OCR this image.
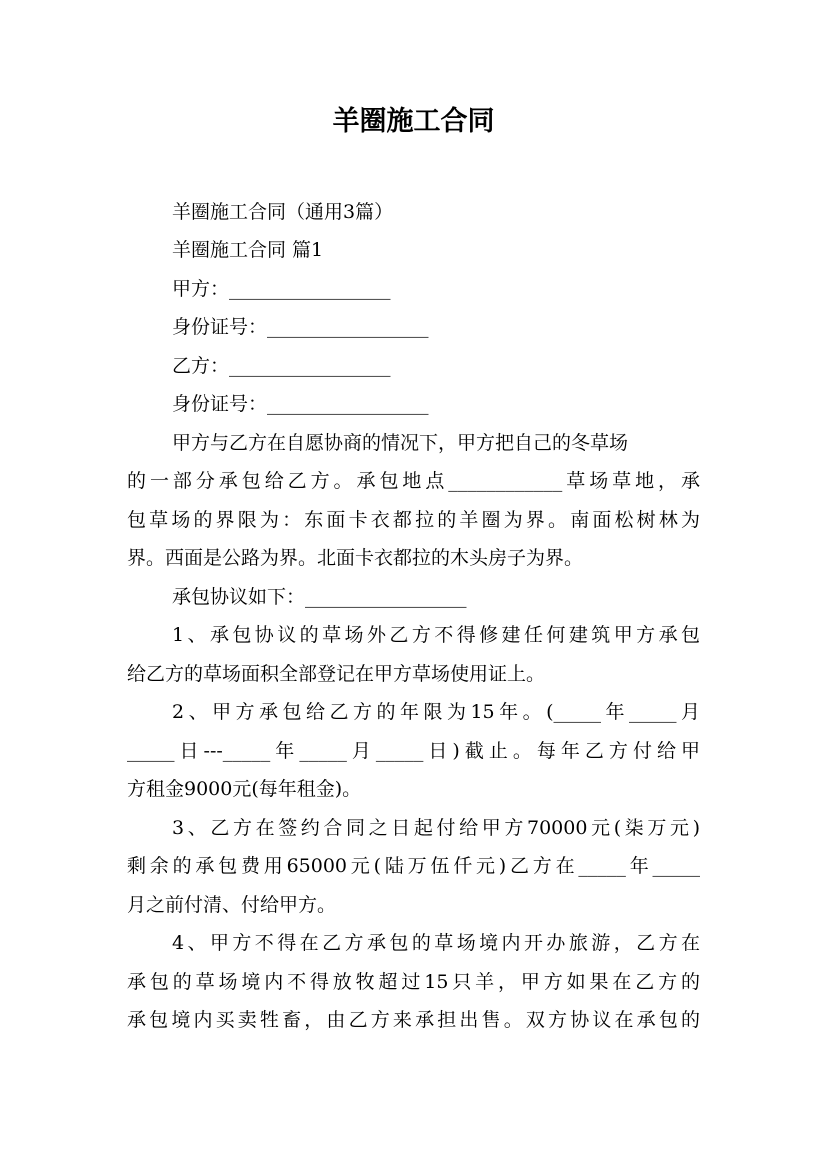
羊圈施工合同
羊圈施工合同（通用3篇）
羊圈施工合同 篇1
甲方：_________________
身份证号：_________________
乙方：_________________
身份证号：_________________
甲方与乙方在自愿协商的情况下，甲方把自己的冬草场
的一部分承包给乙方。承包地点____________草场草地，承
包草场的界限为：东面卡衣都拉的羊圈为界。南面松树林为
界。西面是公路为界。北面卡衣都拉的木头房子为界。
承包协议如下：_________________
1、承包协议的草场外乙方不得修建任何建筑甲方承包
给乙方的草场面积全部登记在甲方草场使用证上。
2、甲方承包给乙方的年限为15年。(_____年_____月
_____日---_____年_____月_____日)截止。每年乙方付给甲
方租金9000元(每年租金)。
3、乙方在签约合同之日起付给甲方70000元(柒万元)
剩余的承包费用65000元(陆万伍仟元)乙方在_____年_____
月之前付清、付给甲方。
4、甲方不得在乙方承包的草场境内开办旅游，乙方在
承包的草场境内不得放牧超过15只羊，甲方如果在乙方的
承包境内买卖牲畜，由乙方来承担出售。双方协议在承包的
